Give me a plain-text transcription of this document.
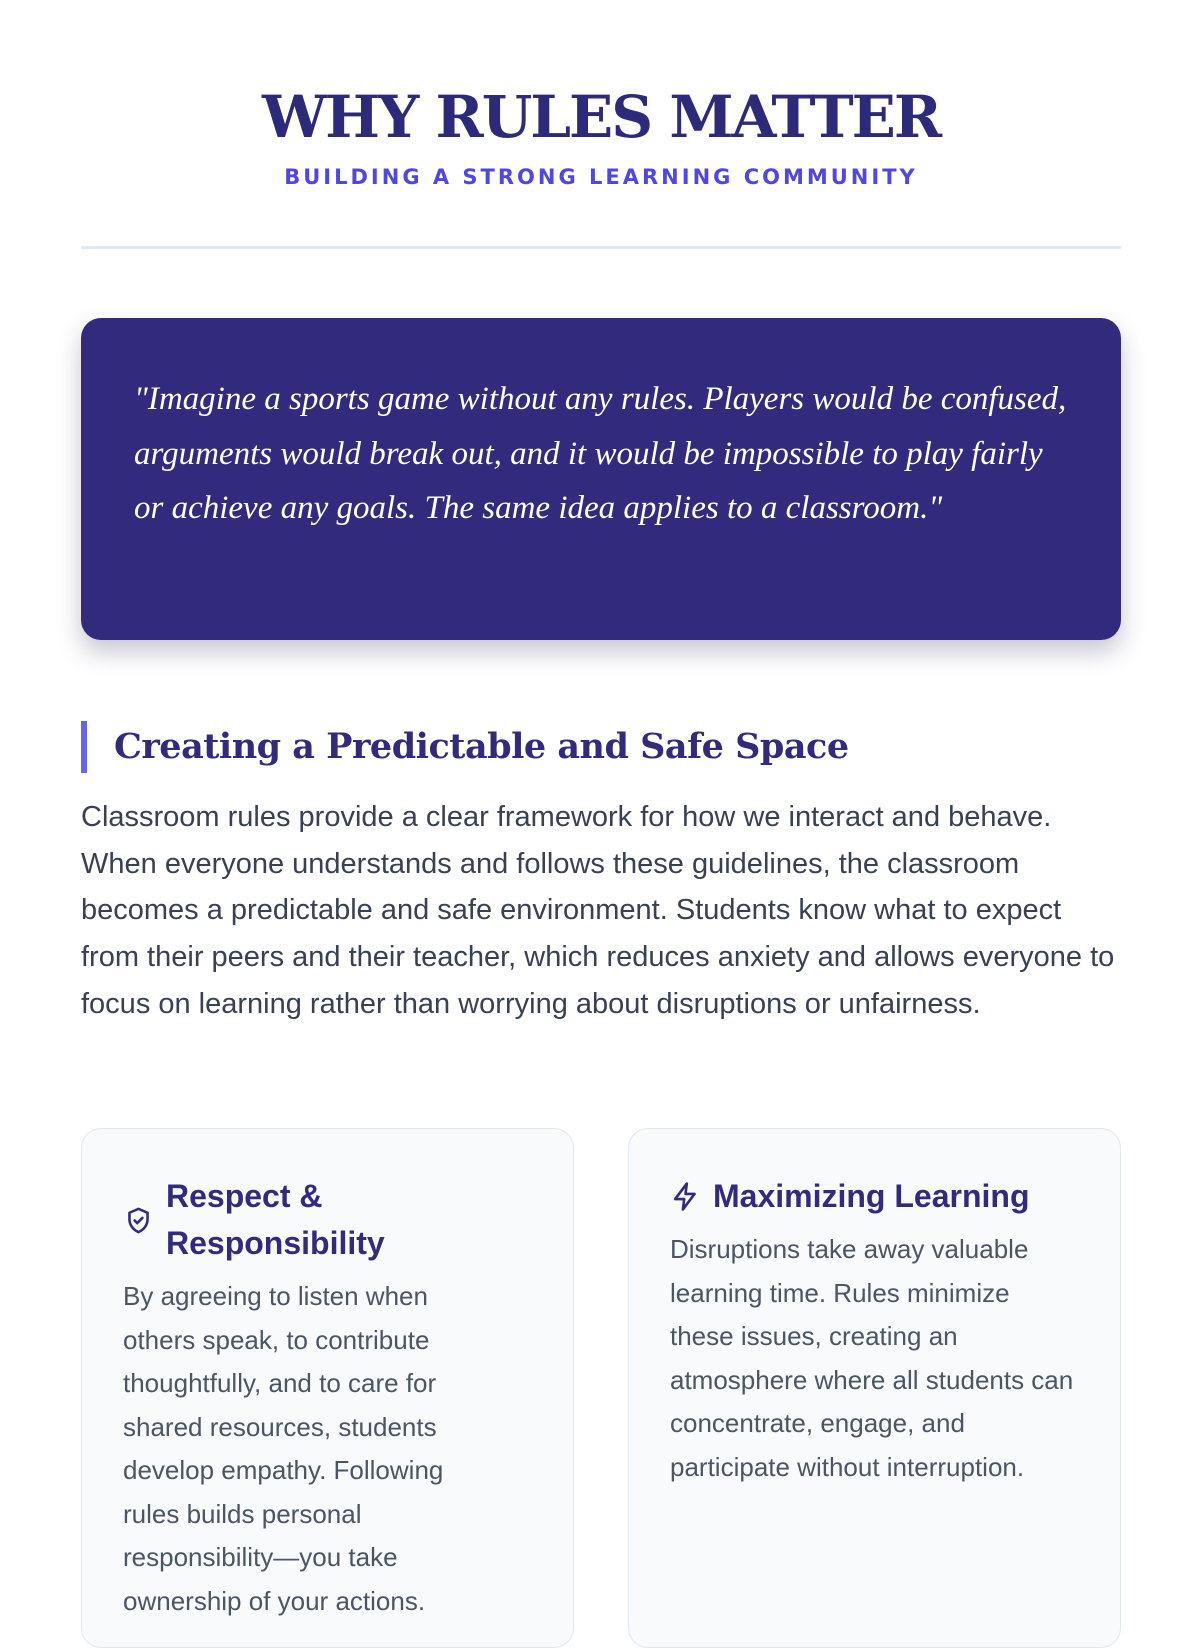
WHY RULES MATTER
BUILDING A STRONG LEARNING COMMUNITY

"Imagine a sports game without any rules. Players would be confused, arguments would break out, and it would be impossible to play fairly or achieve any goals. The same idea applies to a classroom."

Creating a Predictable and Safe Space

Classroom rules provide a clear framework for how we interact and behave. When everyone understands and follows these guidelines, the classroom becomes a predictable and safe environment. Students know what to expect from their peers and their teacher, which reduces anxiety and allows everyone to focus on learning rather than worrying about disruptions or unfairness.

Respect & Responsibility

By agreeing to listen when others speak, to contribute thoughtfully, and to care for shared resources, students develop empathy. Following rules builds personal responsibility—you take ownership of your actions.

Maximizing Learning

Disruptions take away valuable learning time. Rules minimize these issues, creating an atmosphere where all students can concentrate, engage, and participate without interruption.
